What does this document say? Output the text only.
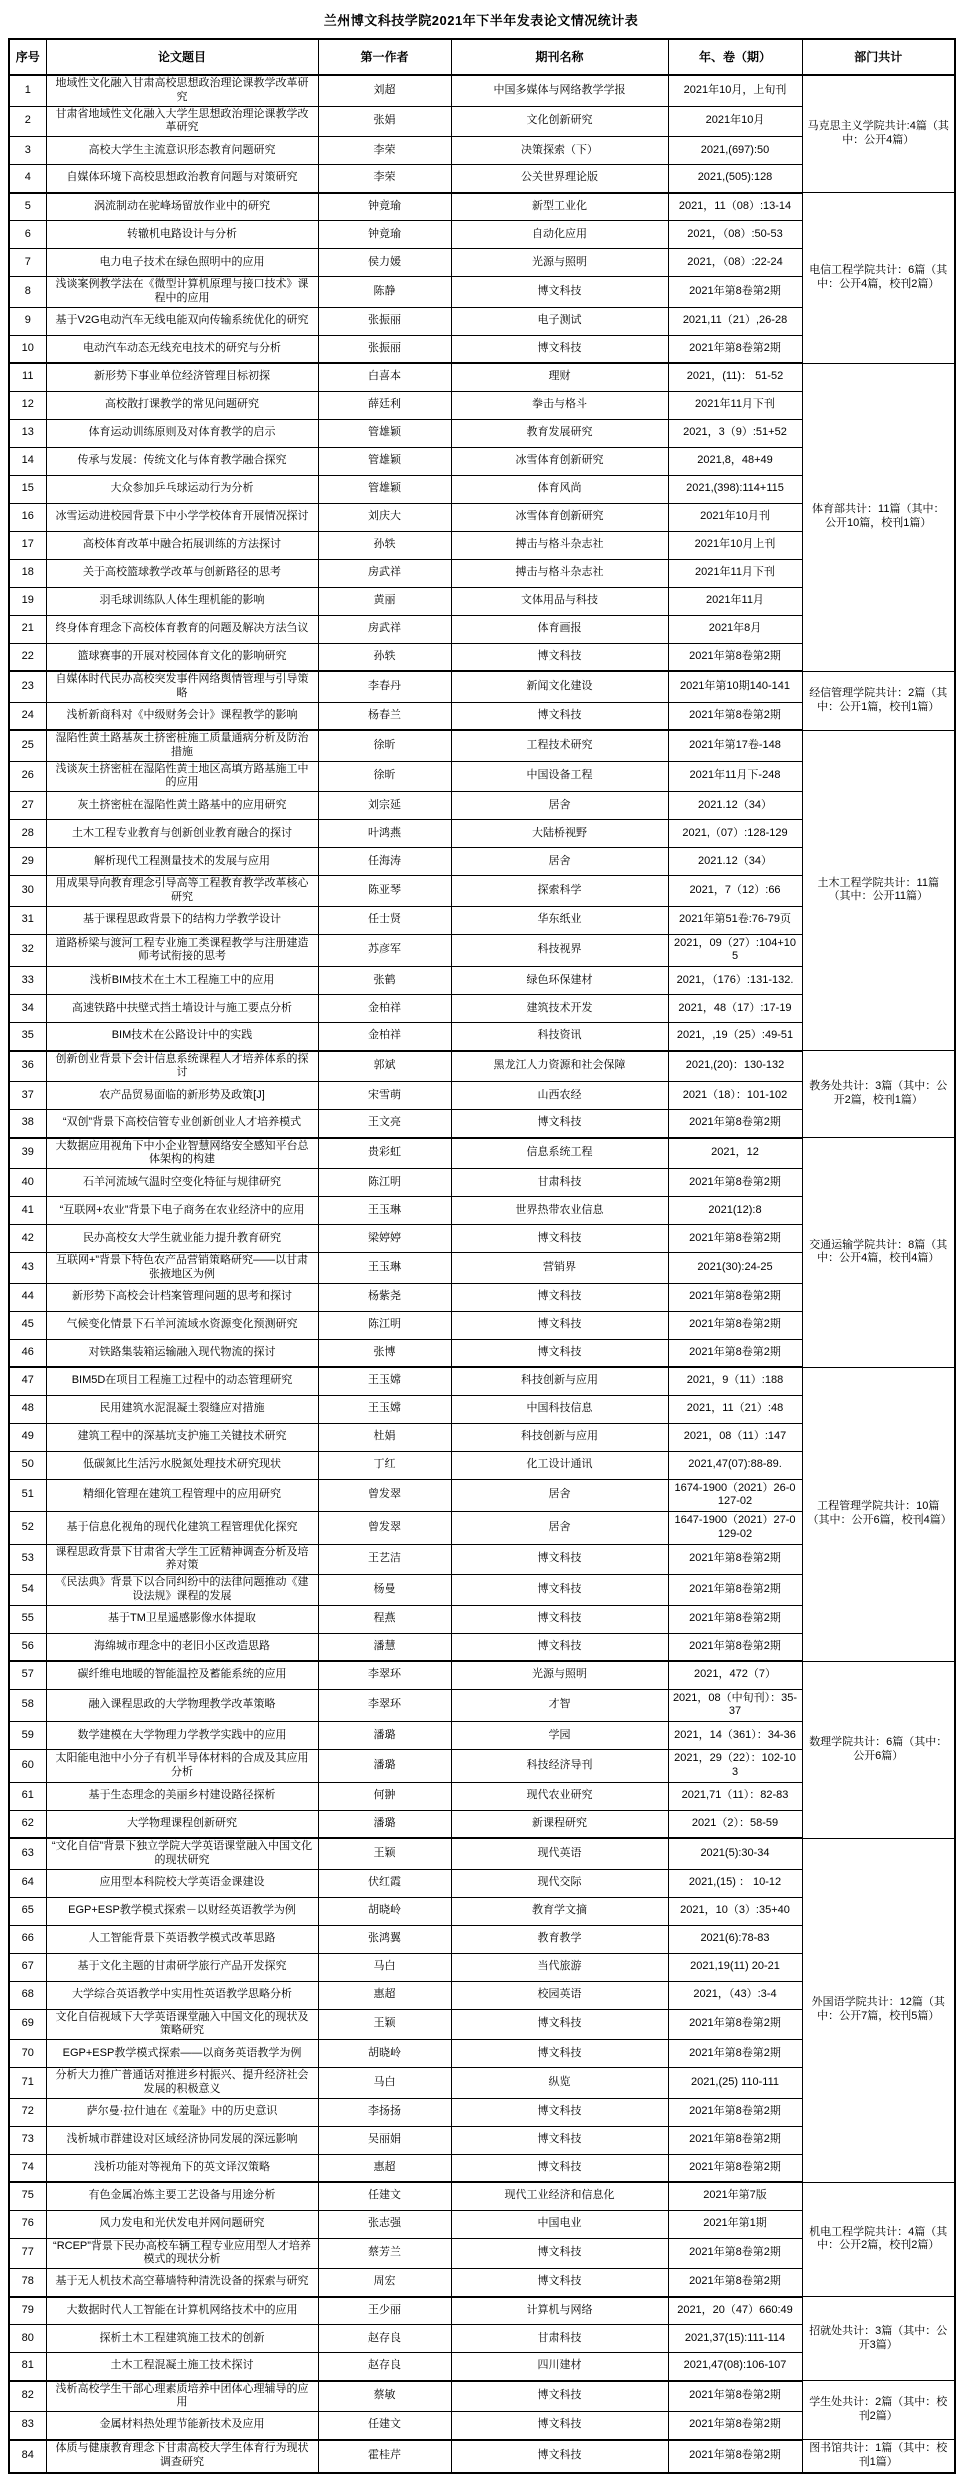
兰州博文科技学院2021年下半年发表论文情况统计表
序号	论文题目	第一作者	期刊名称	年、卷（期）	部门共计
1	地域性文化融入甘肃高校思想政治理论课教学改革研究	刘超	中国多媒体与网络教学学报	2021年10月，上旬刊	马克思主义学院共计:4篇（其中：公开4篇）
2	甘肃省地域性文化融入大学生思想政治理论课教学改革研究	张娟	文化创新研究	2021年10月	
3	高校大学生主流意识形态教育问题研究	李荣	决策探索（下）	2021,(697):50	
4	自媒体环境下高校思想政治教育问题与对策研究	李荣	公关世界理论版	2021,(505):128	
5	涡流制动在驼峰场留放作业中的研究	钟竟瑜	新型工业化	2021，11（08）:13-14	电信工程学院共计：6篇（其中：公开4篇，校刊2篇）
6	转辙机电路设计与分析	钟竟瑜	自动化应用	2021，（08）:50-53	
7	电力电子技术在绿色照明中的应用	侯力媛	光源与照明	2021，（08）:22-24	
8	浅谈案例教学法在《微型计算机原理与接口技术》课程中的应用	陈静	博文科技	2021年第8卷第2期	
9	基于V2G电动汽车无线电能双向传输系统优化的研究	张振丽	电子测试	2021,11（21）,26-28	
10	电动汽车动态无线充电技术的研究与分析	张振丽	博文科技	2021年第8卷第2期	
11	新形势下事业单位经济管理目标初探	白喜本	理财	2021，(11)： 51-52	体育部共计：11篇（其中：公开10篇，校刊1篇）
12	高校散打课教学的常见问题研究	薛廷利	拳击与格斗	2021年11月下刊	
13	体育运动训练原则及对体育教学的启示	管雄颖	教育发展研究	2021，3（9）:51+52	
14	传承与发展：传统文化与体育教学融合探究	管雄颖	冰雪体育创新研究	2021,8，48+49	
15	大众参加乒乓球运动行为分析	管雄颖	体育风尚	2021,(398):114+115	
16	冰雪运动进校园背景下中小学学校体育开展情况探讨	刘庆大	冰雪体育创新研究	2021年10月刊	
17	高校体育改革中融合拓展训练的方法探讨	孙轶	搏击与格斗杂志社	2021年10月上刊	
18	关于高校篮球教学改革与创新路径的思考	房武祥	搏击与格斗杂志社	2021年11月下刊	
19	羽毛球训练队人体生理机能的影响	黄丽	文体用品与科技	2021年11月	
21	终身体育理念下高校体育教育的问题及解决方法刍议	房武祥	体育画报	2021年8月	
22	篮球赛事的开展对校园体育文化的影响研究	孙轶	博文科技	2021年第8卷第2期	
23	自媒体时代民办高校突发事件网络舆情管理与引导策略	李春丹	新闻文化建设	2021年第10期140-141	经信管理学院共计：2篇（其中：公开1篇，校刊1篇）
24	浅析新商科对《中级财务会计》课程教学的影响	杨春兰	博文科技	2021年第8卷第2期	
25	湿陷性黄土路基灰土挤密桩施工质量通病分析及防治措施	徐昕	工程技术研究	2021年第17卷-148	土木工程学院共计：11篇（其中：公开11篇）
26	浅谈灰土挤密桩在湿陷性黄土地区高填方路基施工中的应用	徐昕	中国设备工程	2021年11月下-248	
27	灰土挤密桩在湿陷性黄土路基中的应用研究	刘宗延	居舍	2021.12（34）	
28	土木工程专业教育与创新创业教育融合的探讨	叶鸿燕	大陆桥视野	2021,（07）:128-129	
29	解析现代工程测量技术的发展与应用	任海涛	居舍	2021.12（34）	
30	用成果导向教育理念引导高等工程教育教学改革核心研究	陈亚琴	探索科学	2021，7（12）:66	
31	基于课程思政背景下的结构力学教学设计	任士贤	华东纸业	2021年第51卷:76-79页	
32	道路桥梁与渡河工程专业施工类课程教学与注册建造师考试衔接的思考	苏彦军	科技视界	2021，09（27）:104+105	
33	浅析BIM技术在土木工程施工中的应用	张鹤	绿色环保建材	2021，（176）:131-132.	
34	高速铁路中扶壁式挡土墙设计与施工要点分析	金柏祥	建筑技术开发	2021，48（17）:17-19	
35	BIM技术在公路设计中的实践	金柏祥	科技资讯	2021，,19（25）:49-51	
36	创新创业背景下会计信息系统课程人才培养体系的探讨	郭斌	黑龙江人力资源和社会保障	2021,(20)：130-132	教务处共计：3篇（其中：公开2篇，校刊1篇）
37	农产品贸易面临的新形势及政策[J]	宋雪萌	山西农经	2021（18）：101-102	
38	“双创”背景下高校信管专业创新创业人才培养模式	王文亮	博文科技	2021年第8卷第2期	
39	大数据应用视角下中小企业智慧网络安全感知平台总体架构的构建	贵彩虹	信息系统工程	2021，12	交通运输学院共计：8篇（其中：公开4篇，校刊4篇）
40	石羊河流域气温时空变化特征与规律研究	陈江明	甘肃科技	2021年第8卷第2期	
41	“互联网+农业”背景下电子商务在农业经济中的应用	王玉琳	世界热带农业信息	2021(12):8	
42	民办高校女大学生就业能力提升教育研究	梁婷婷	博文科技	2021年第8卷第2期	
43	互联网+”背景下特色农产品营销策略研究——以甘肃张掖地区为例	王玉琳	营销界	2021(30):24-25	
44	新形势下高校会计档案管理问题的思考和探讨	杨紫尧	博文科技	2021年第8卷第2期	
45	气候变化情景下石羊河流域水资源变化预测研究	陈江明	博文科技	2021年第8卷第2期	
46	对铁路集装箱运输融入现代物流的探讨	张博	博文科技	2021年第8卷第2期	
47	BIM5D在项目工程施工过程中的动态管理研究	王玉嫦	科技创新与应用	2021，9（11）:188	工程管理学院共计：10篇（其中：公开6篇，校刊4篇）
48	民用建筑水泥混凝土裂缝应对措施	王玉嫦	中国科技信息	2021，11（21）:48	
49	建筑工程中的深基坑支护施工关键技术研究	杜娟	科技创新与应用	2021，08（11）:147	
50	低碳氮比生活污水脱氮处理技术研究现状	丁红	化工设计通讯	2021,47(07):88-89.	
51	精细化管理在建筑工程管理中的应用研究	曾发翠	居舍	1674-1900（2021）26-0127-02	
52	基于信息化视角的现代化建筑工程管理优化探究	曾发翠	居舍	1647-1900（2021）27-0129-02	
53	课程思政背景下甘肃省大学生工匠精神调查分析及培养对策	王艺洁	博文科技	2021年第8卷第2期	
54	《民法典》背景下以合同纠纷中的法律问题推动《建设法规》课程的发展	杨曼	博文科技	2021年第8卷第2期	
55	基于TM卫星遥感影像水体提取	程燕	博文科技	2021年第8卷第2期	
56	海绵城市理念中的老旧小区改造思路	潘慧	博文科技	2021年第8卷第2期	
57	碳纤维电地暖的智能温控及蓄能系统的应用	李翠环	光源与照明	2021，472（7）	数理学院共计：6篇（其中：公开6篇）
58	融入课程思政的大学物理教学改革策略	李翠环	才智	2021，08（中旬刊）：35-37	
59	数学建模在大学物理力学教学实践中的应用	潘璐	学园	2021，14（361）：34-36	
60	太阳能电池中小分子有机半导体材料的合成及其应用分析	潘璐	科技经济导刊	2021，29（22）：102-103	
61	基于生态理念的美丽乡村建设路径探析	何翀	现代农业研究	2021,71（11）：82-83	
62	大学物理课程创新研究	潘璐	新课程研究	2021（2）：58-59	
63	“文化自信”背景下独立学院大学英语课堂融入中国文化的现状研究	王颖	现代英语	2021(5):30-34	外国语学院共计：12篇（其中：公开7篇，校刊5篇）
64	应用型本科院校大学英语金课建设	伏红霞	现代交际	2021,(15) ： 10-12	
65	EGP+ESP教学模式探索－以财经英语教学为例	胡晓岭	教育学文摘	2021，10（3）:35+40	
66	人工智能背景下英语教学模式改革思路	张鸿翼	教育教学	2021(6):78-83	
67	基于文化主题的甘肃研学旅行产品开发探究	马白	当代旅游	2021,19(11) 20-21	
68	大学综合英语教学中实用性英语教学思略分析	惠超	校园英语	2021，（43）:3-4	
69	文化自信视域下大学英语课堂融入中国文化的现状及策略研究	王颖	博文科技	2021年第8卷第2期	
70	EGP+ESP教学模式探索——以商务英语教学为例	胡晓岭	博文科技	2021年第8卷第2期	
71	分析大力推广普通话对推进乡村振兴、提升经济社会发展的积极意义	马白	纵览	2021,(25) 110-111	
72	萨尔曼·拉什迪在《羞耻》中的历史意识	李扬扬	博文科技	2021年第8卷第2期	
73	浅析城市群建设对区域经济协同发展的深远影响	吴丽娟	博文科技	2021年第8卷第2期	
74	浅析功能对等视角下的英文译汉策略	惠超	博文科技	2021年第8卷第2期	
75	有色金属冶炼主要工艺设备与用途分析	任建文	现代工业经济和信息化	2021年第7版	机电工程学院共计：4篇（其中：公开2篇，校刊2篇）
76	风力发电和光伏发电并网问题研究	张志强	中国电业	2021年第1期	
77	“RCEP”背景下民办高校车辆工程专业应用型人才培养模式的现状分析	蔡芳兰	博文科技	2021年第8卷第2期	
78	基于无人机技术高空幕墙特种清洗设备的探索与研究	周宏	博文科技	2021年第8卷第2期	
79	大数据时代人工智能在计算机网络技术中的应用	王少丽	计算机与网络	2021，20（47）660:49	招就处共计：3篇（其中：公开3篇）
80	探析土木工程建筑施工技术的创新	赵存良	甘肃科技	2021,37(15):111-114	
81	土木工程混凝土施工技术探讨	赵存良	四川建材	2021,47(08):106-107	
82	浅析高校学生干部心理素质培养中团体心理辅导的应用	蔡敏	博文科技	2021年第8卷第2期	学生处共计：2篇（其中：校刊2篇）
83	金属材料热处理节能新技术及应用	任建文	博文科技	2021年第8卷第2期	
84	体质与健康教育理念下甘肃高校大学生体育行为现状调查研究	霍桂芹	博文科技	2021年第8卷第2期	图书馆共计：1篇（其中：校刊1篇）
